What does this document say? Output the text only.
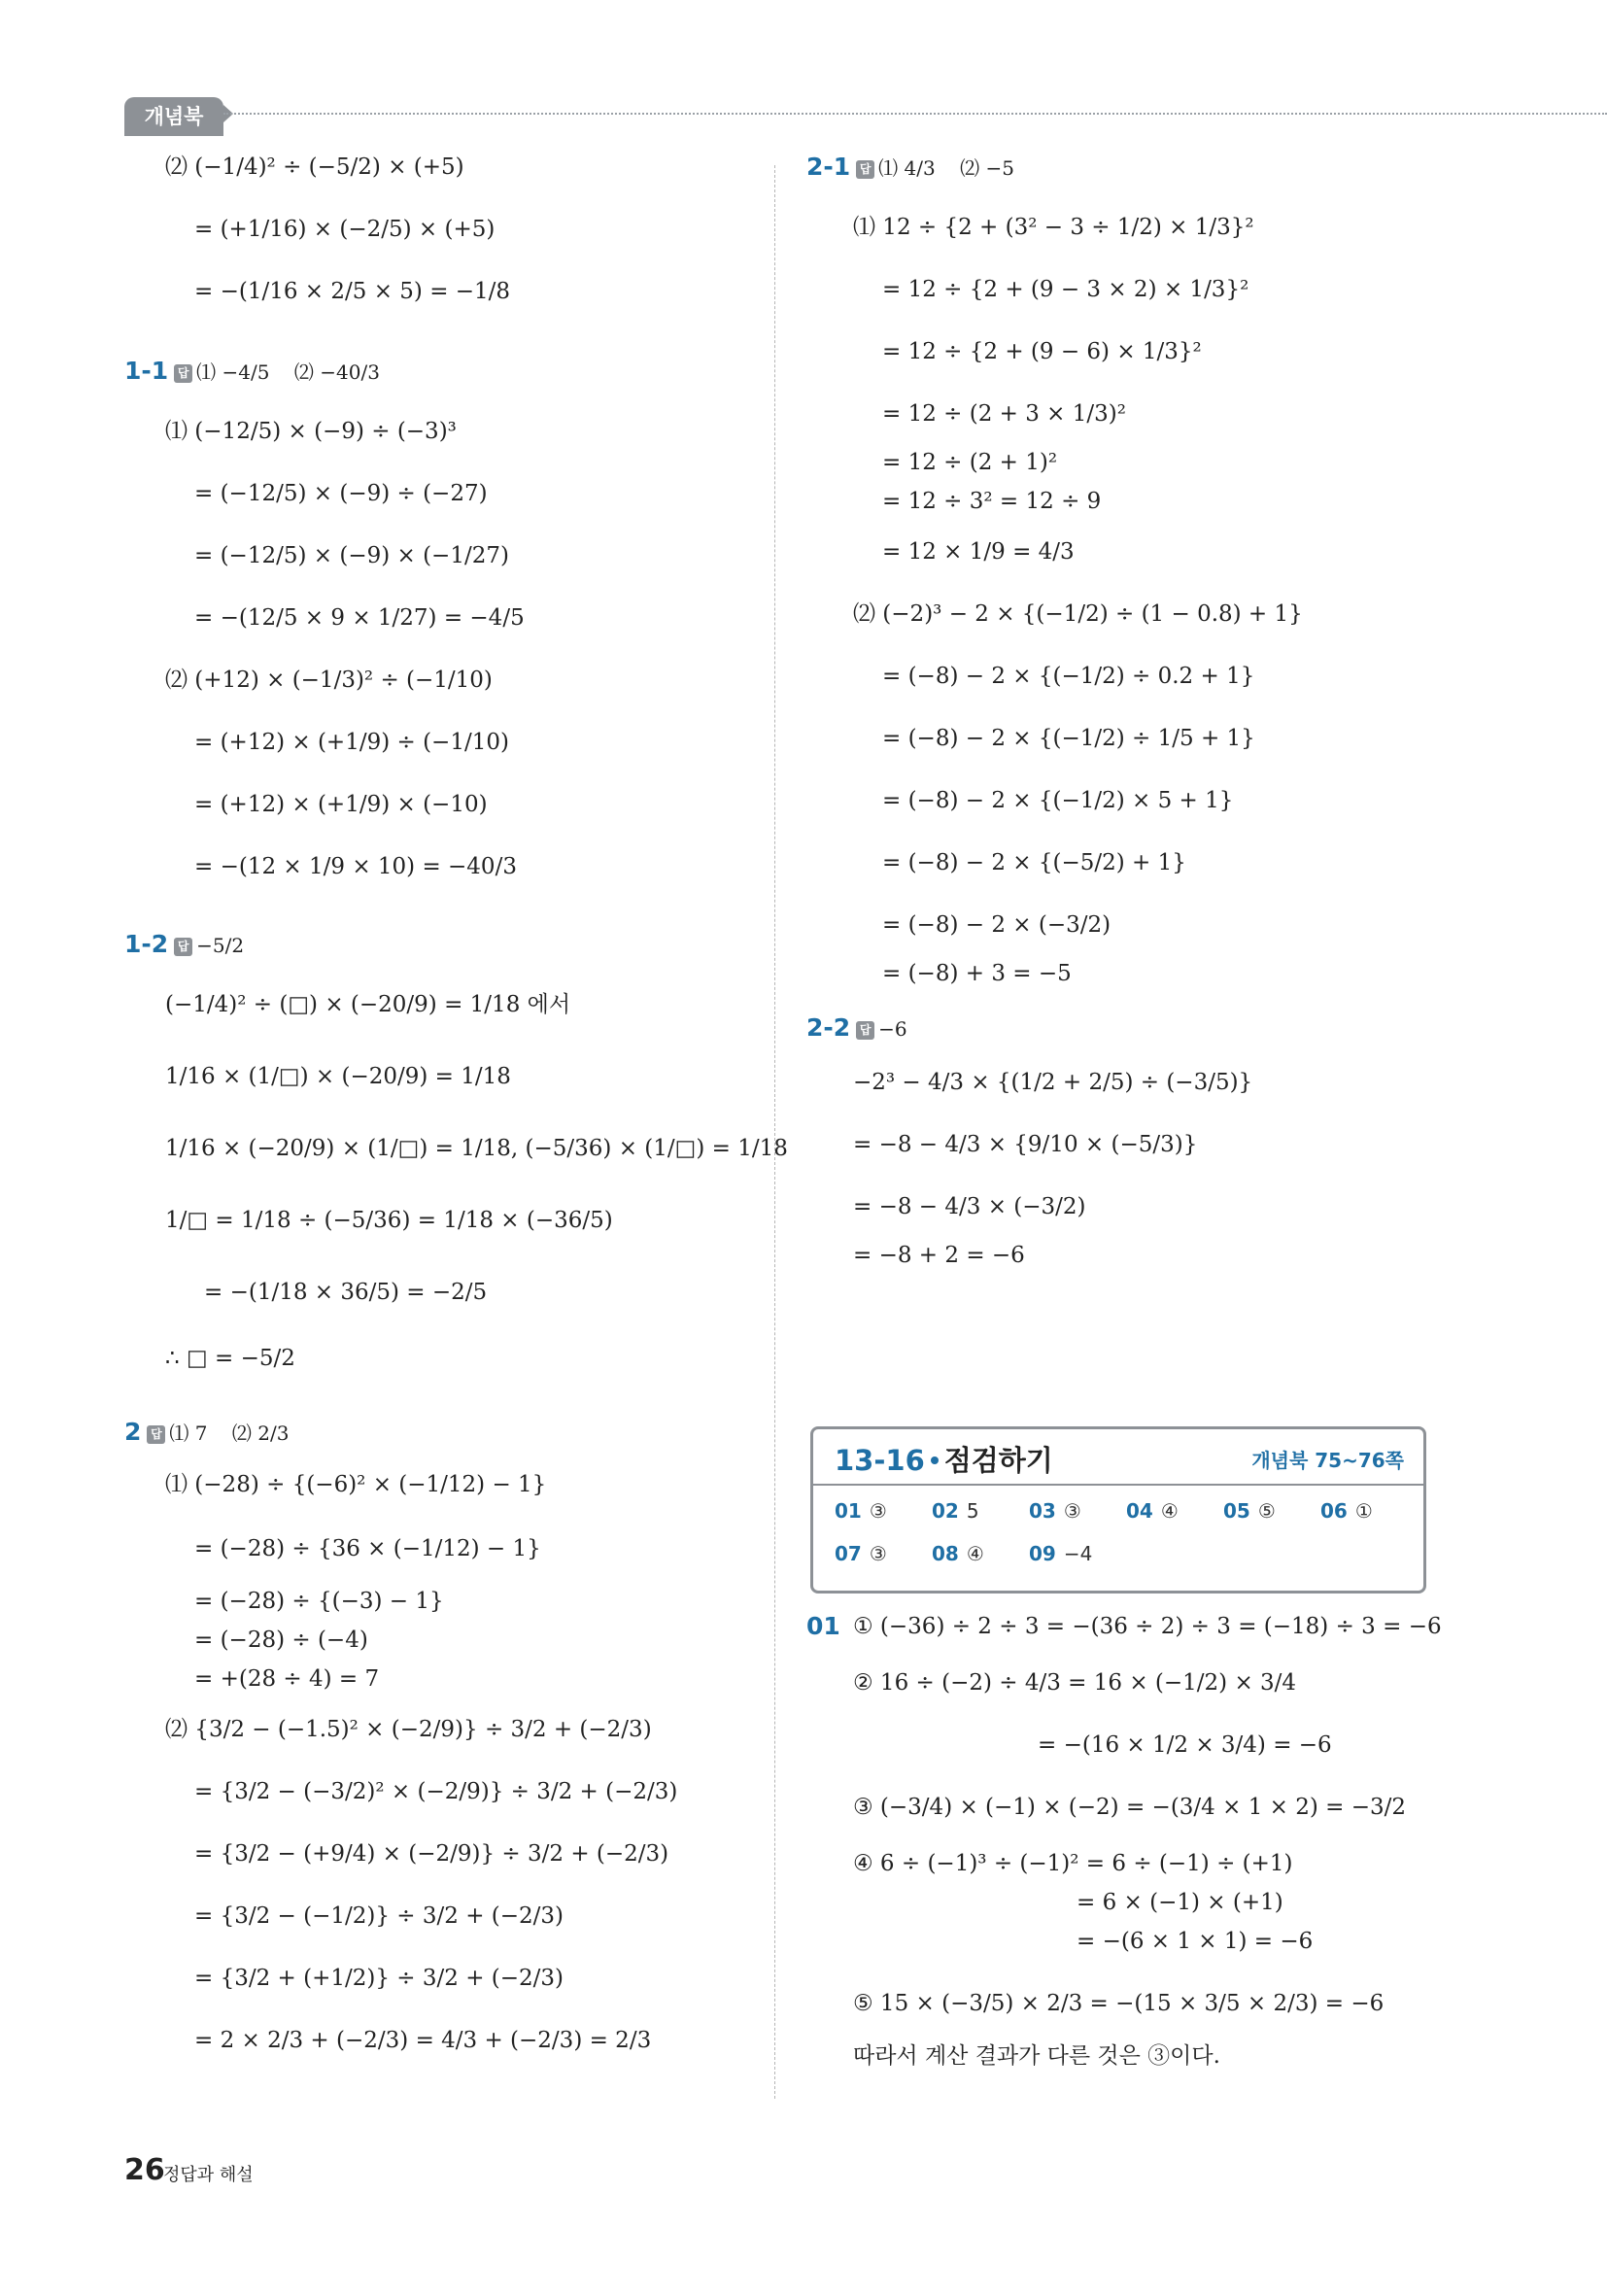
개념북
⑵ (−1/4)² ÷ (−5/2) × (+5)
= (+1/16) × (−2/5) × (+5)
= −(1/16 × 2/5 × 5) = −1/8
1-1 답 ⑴ −4/5    ⑵ −40/3
⑴ (−12/5) × (−9) ÷ (−3)³
= (−12/5) × (−9) ÷ (−27)
= (−12/5) × (−9) × (−1/27)
= −(12/5 × 9 × 1/27) = −4/5
⑵ (+12) × (−1/3)² ÷ (−1/10)
= (+12) × (+1/9) ÷ (−1/10)
= (+12) × (+1/9) × (−10)
= −(12 × 1/9 × 10) = −40/3
1-2 답 −5/2
(−1/4)² ÷ (□) × (−20/9) = 1/18 에서
1/16 × (1/□) × (−20/9) = 1/18
1/16 × (−20/9) × (1/□) = 1/18, (−5/36) × (1/□) = 1/18
1/□ = 1/18 ÷ (−5/36) = 1/18 × (−36/5)
= −(1/18 × 36/5) = −2/5
∴ □ = −5/2
2 답 ⑴ 7    ⑵ 2/3
⑴ (−28) ÷ {(−6)² × (−1/12) − 1}
= (−28) ÷ {36 × (−1/12) − 1}
= (−28) ÷ {(−3) − 1}
= (−28) ÷ (−4)
= +(28 ÷ 4) = 7
⑵ {3/2 − (−1.5)² × (−2/9)} ÷ 3/2 + (−2/3)
= {3/2 − (−3/2)² × (−2/9)} ÷ 3/2 + (−2/3)
= {3/2 − (+9/4) × (−2/9)} ÷ 3/2 + (−2/3)
= {3/2 − (−1/2)} ÷ 3/2 + (−2/3)
= {3/2 + (+1/2)} ÷ 3/2 + (−2/3)
= 2 × 2/3 + (−2/3) = 4/3 + (−2/3) = 2/3
2-1 답 ⑴ 4/3    ⑵ −5
⑴ 12 ÷ {2 + (3² − 3 ÷ 1/2) × 1/3}²
= 12 ÷ {2 + (9 − 3 × 2) × 1/3}²
= 12 ÷ {2 + (9 − 6) × 1/3}²
= 12 ÷ (2 + 3 × 1/3)²
= 12 ÷ (2 + 1)²
= 12 ÷ 3² = 12 ÷ 9
= 12 × 1/9 = 4/3
⑵ (−2)³ − 2 × {(−1/2) ÷ (1 − 0.8) + 1}
= (−8) − 2 × {(−1/2) ÷ 0.2 + 1}
= (−8) − 2 × {(−1/2) ÷ 1/5 + 1}
= (−8) − 2 × {(−1/2) × 5 + 1}
= (−8) − 2 × {(−5/2) + 1}
= (−8) − 2 × (−3/2)
= (−8) + 3 = −5
2-2 답 −6
−2³ − 4/3 × {(1/2 + 2/5) ÷ (−3/5)}
= −8 − 4/3 × {9/10 × (−5/3)}
= −8 − 4/3 × (−3/2)
= −8 + 2 = −6
01 ① (−36) ÷ 2 ÷ 3 = −(36 ÷ 2) ÷ 3 = (−18) ÷ 3 = −6
② 16 ÷ (−2) ÷ 4/3 = 16 × (−1/2) × 3/4
= −(16 × 1/2 × 3/4) = −6
③ (−3/4) × (−1) × (−2) = −(3/4 × 1 × 2) = −3/2
④ 6 ÷ (−1)³ ÷ (−1)² = 6 ÷ (−1) ÷ (+1)
= 6 × (−1) × (+1)
= −(6 × 1 × 1) = −6
⑤ 15 × (−3/5) × 2/3 = −(15 × 3/5 × 2/3) = −6
따라서 계산 결과가 다른 것은 ③이다.
13-16 점검하기	개념북 75~76쪽
01 ③ 02 5	03 ③ 04 ④ 05 ⑤ 06 ①
07 ③ 08 ④ 09 −4
26
정답과 해설
